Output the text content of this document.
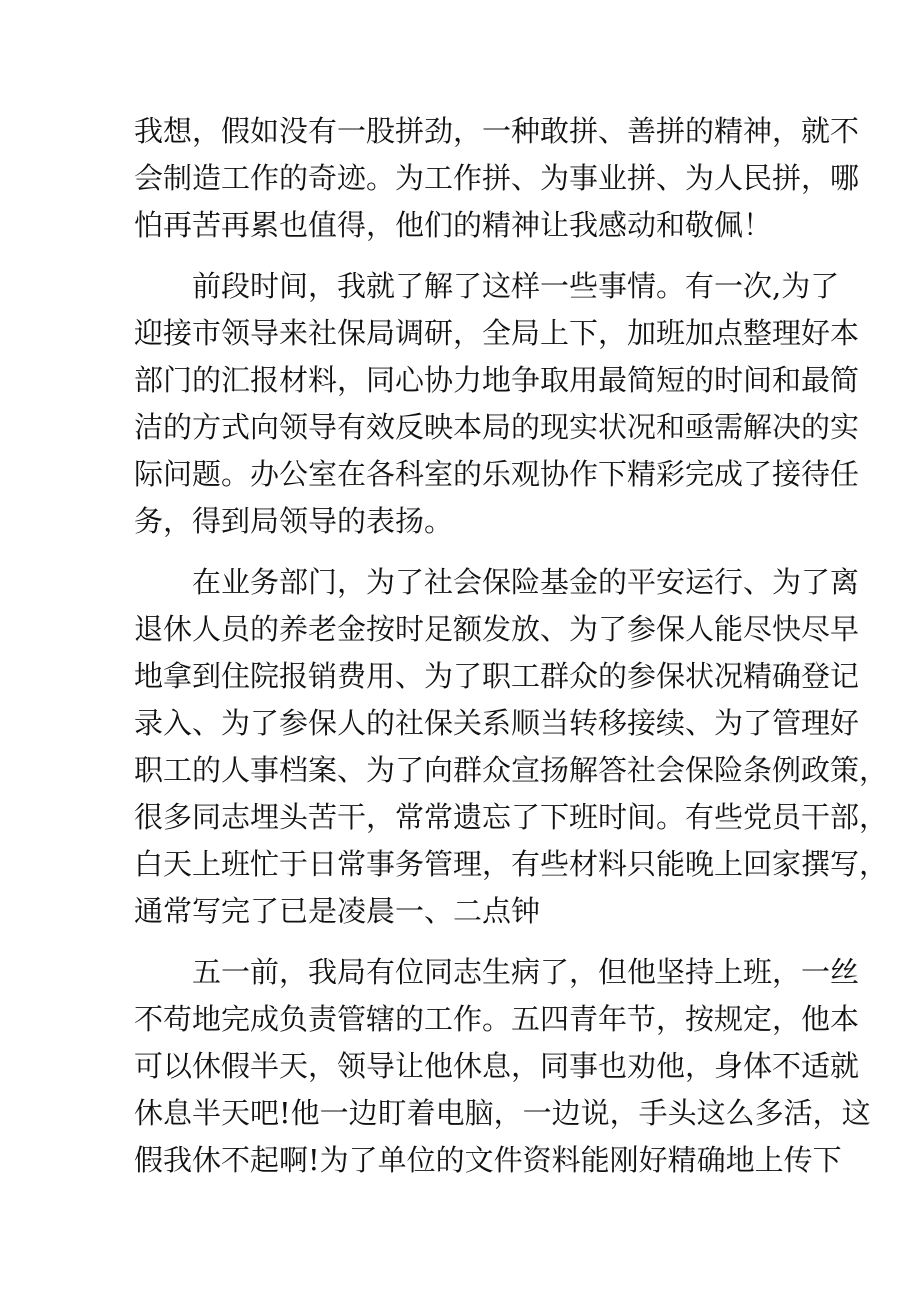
我想，假如没有一股拼劲，一种敢拼、善拼的精神，就不
会制造工作的奇迹。为工作拼、为事业拼、为人民拼，哪
怕再苦再累也值得，他们的精神让我感动和敬佩！
前段时间，我就了解了这样一些事情。有一次,为了
迎接市领导来社保局调研，全局上下，加班加点整理好本
部门的汇报材料，同心协力地争取用最简短的时间和最简
洁的方式向领导有效反映本局的现实状况和亟需解决的实
际问题。办公室在各科室的乐观协作下精彩完成了接待任
务，得到局领导的表扬。
在业务部门，为了社会保险基金的平安运行、为了离
退休人员的养老金按时足额发放、为了参保人能尽快尽早
地拿到住院报销费用、为了职工群众的参保状况精确登记
录入、为了参保人的社保关系顺当转移接续、为了管理好
职工的人事档案、为了向群众宣扬解答社会保险条例政策，
很多同志埋头苦干，常常遗忘了下班时间。有些党员干部，
白天上班忙于日常事务管理，有些材料只能晚上回家撰写，
通常写完了已是凌晨一、二点钟
五一前，我局有位同志生病了，但他坚持上班，一丝
不苟地完成负责管辖的工作。五四青年节，按规定，他本
可以休假半天，领导让他休息，同事也劝他，身体不适就
休息半天吧!他一边盯着电脑，一边说，手头这么多活，这
假我休不起啊!为了单位的文件资料能刚好精确地上传下
